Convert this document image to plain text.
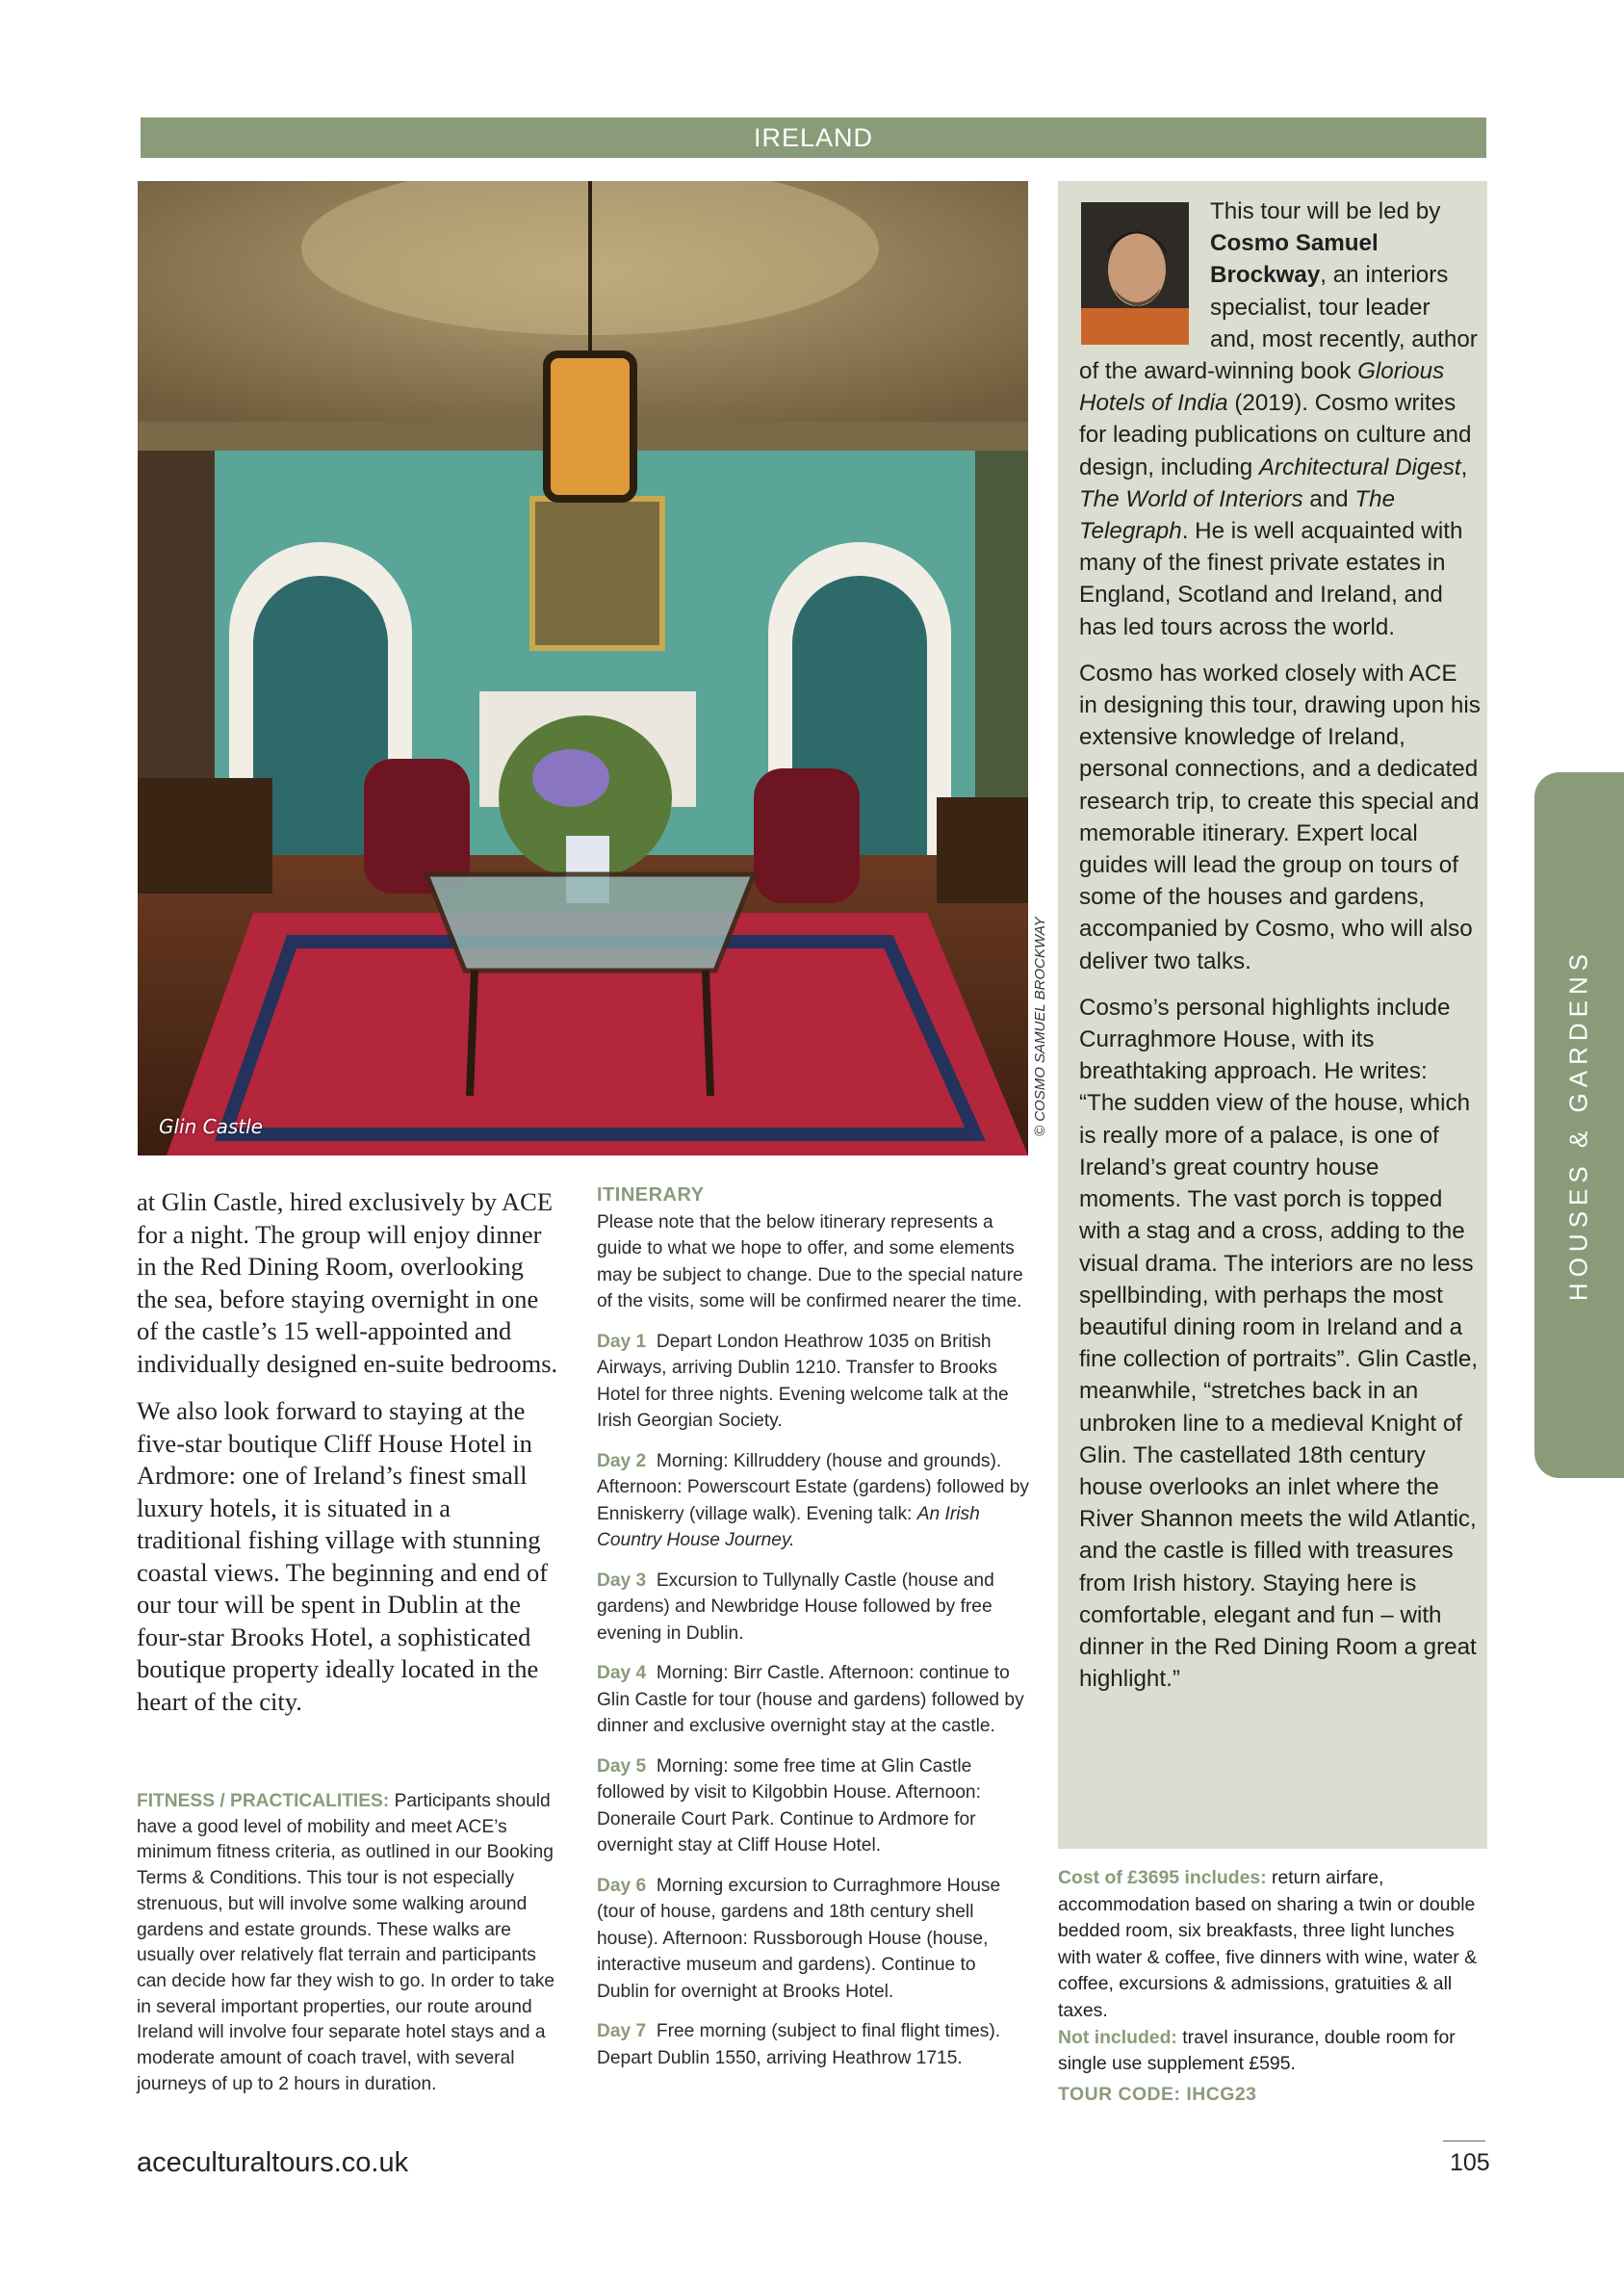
IRELAND
Glin Castle	© COSMO SAMUEL BROCKWAY

at Glin Castle, hired exclusively by ACE for a night. The group will enjoy dinner in the Red Dining Room, overlooking the sea, before staying overnight in one of the castle’s 15 well-appointed and individually designed en-suite bedrooms.

We also look forward to staying at the five-star boutique Cliff House Hotel in Ardmore: one of Ireland’s finest small luxury hotels, it is situated in a traditional fishing village with stunning coastal views. The beginning and end of our tour will be spent in Dublin at the four-star Brooks Hotel, a sophisticated boutique property ideally located in the heart of the city.

FITNESS / PRACTICALITIES: Participants should have a good level of mobility and meet ACE’s minimum fitness criteria, as outlined in our Booking Terms & Conditions. This tour is not especially strenuous, but will involve some walking around gardens and estate grounds. These walks are usually over relatively flat terrain and participants can decide how far they wish to go. In order to take in several important properties, our route around Ireland will involve four separate hotel stays and a moderate amount of coach travel, with several journeys of up to 2 hours in duration.
ITINERARY
Please note that the below itinerary represents a guide to what we hope to offer, and some elements may be subject to change. Due to the special nature of the visits, some will be confirmed nearer the time.
Day 1 Depart London Heathrow 1035 on British Airways, arriving Dublin 1210. Transfer to Brooks Hotel for three nights. Evening welcome talk at the Irish Georgian Society.
Day 2 Morning: Killruddery (house and grounds). Afternoon: Powerscourt Estate (gardens) followed by Enniskerry (village walk). Evening talk: An Irish Country House Journey.
Day 3 Excursion to Tullynally Castle (house and gardens) and Newbridge House followed by free evening in Dublin.
Day 4 Morning: Birr Castle. Afternoon: continue to Glin Castle for tour (house and gardens) followed by dinner and exclusive overnight stay at the castle.
Day 5 Morning: some free time at Glin Castle followed by visit to Kilgobbin House. Afternoon: Doneraile Court Park. Continue to Ardmore for overnight stay at Cliff House Hotel.
Day 6 Morning excursion to Curraghmore House (tour of house, gardens and 18th century shell house). Afternoon: Russborough House (house, interactive museum and gardens). Continue to Dublin for overnight at Brooks Hotel.
Day 7 Free morning (subject to final flight times). Depart Dublin 1550, arriving Heathrow 1715.

This tour will be led by Cosmo Samuel Brockway, an interiors specialist, tour leader and, most recently, author of the award-winning book Glorious Hotels of India (2019). Cosmo writes for leading publications on culture and design, including Architectural Digest, The World of Interiors and The Telegraph. He is well acquainted with many of the finest private estates in England, Scotland and Ireland, and has led tours across the world.

Cosmo has worked closely with ACE in designing this tour, drawing upon his extensive knowledge of Ireland, personal connections, and a dedicated research trip, to create this special and memorable itinerary. Expert local guides will lead the group on tours of some of the houses and gardens, accompanied by Cosmo, who will also deliver two talks.

Cosmo’s personal highlights include Curraghmore House, with its breathtaking approach. He writes: “The sudden view of the house, which is really more of a palace, is one of Ireland’s great country house moments. The vast porch is topped with a stag and a cross, adding to the visual drama. The interiors are no less spellbinding, with perhaps the most beautiful dining room in Ireland and a fine collection of portraits”. Glin Castle, meanwhile, “stretches back in an unbroken line to a medieval Knight of Glin. The castellated 18th century house overlooks an inlet where the River Shannon meets the wild Atlantic, and the castle is filled with treasures from Irish history. Staying here is comfortable, elegant and fun – with dinner in the Red Dining Room a great highlight.”

Cost of £3695 includes: return airfare, accommodation based on sharing a twin or double bedded room, six breakfasts, three light lunches with water & coffee, five dinners with wine, water & coffee, excursions & admissions, gratuities & all taxes.

Not included: travel insurance, double room for single use supplement £595.

TOUR CODE: IHCG23

HOUSES & GARDENS
aceculturaltours.co.uk	105
